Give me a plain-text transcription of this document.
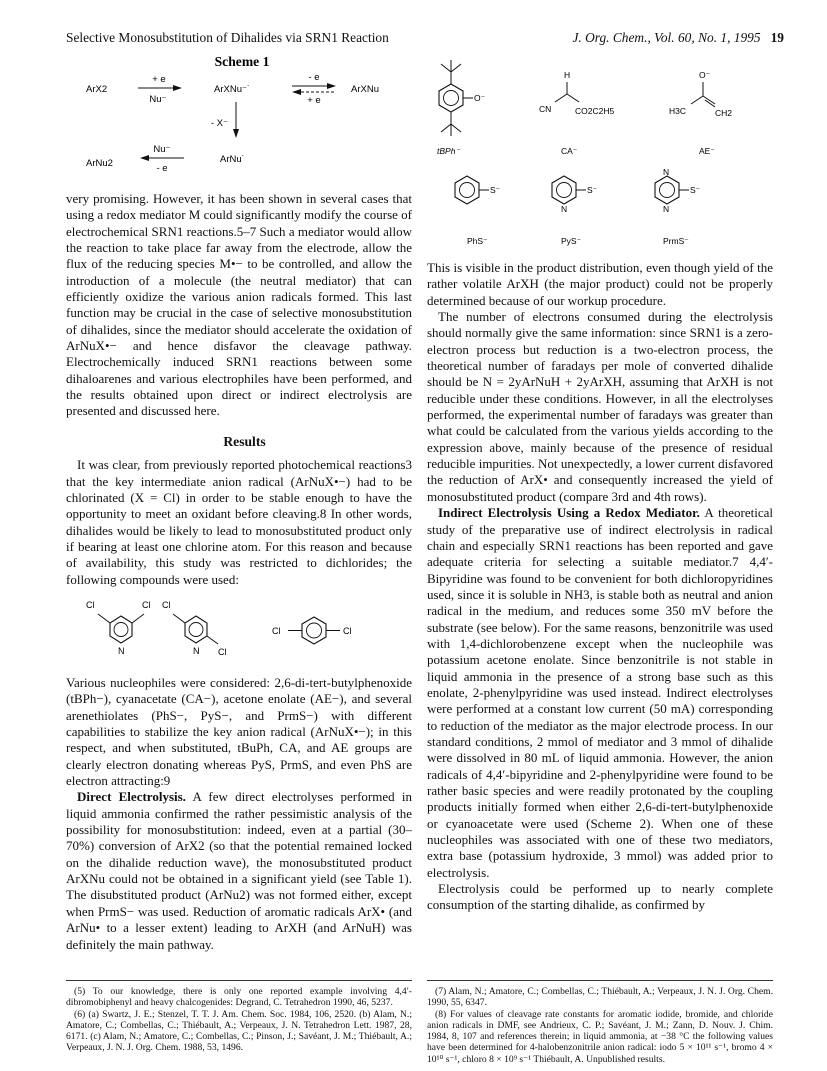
Selective Monosubstitution of Dihalides via SRN1 Reaction	J. Org. Chem., Vol. 60, No. 1, 1995 19
Scheme 1
ArX2
+ e
Nu⁻
ArXNu⁻˙
- e
+ e
ArXNu
- X⁻
ArNu2
Nu⁻
- e
ArNu˙

very promising. However, it has been shown in several cases that using a redox mediator M could significantly modify the course of electrochemical SRN1 reactions.5–7 Such a mediator would allow the reaction to take place far away from the electrode, allow the flux of the reducing species M•− to be controlled, and allow the introduction of a molecule (the neutral mediator) that can efficiently oxidize the various anion radicals formed. This last function may be crucial in the case of selective monosubstitution of dihalides, since the mediator should accelerate the oxidation of ArNuX•− and hence disfavor the cleavage pathway. Electrochemically induced SRN1 reactions between some dihaloarenes and various electrophiles have been performed, and the results obtained upon direct or indirect electrolysis are presented and discussed here.

Results

It was clear, from previously reported photochemical reactions3 that the key intermediate anion radical (ArNuX•−) had to be chlorinated (X = Cl) in order to be stable enough to have the opportunity to meet an oxidant before cleaving.8 In other words, dihalides would be likely to lead to monosubstituted product only if bearing at least one chlorine atom. For this reason and because of availability, this study was restricted to dichlorides; the following compounds were used:

Cl	Cl
N
Cl
N Cl
Cl	Cl

Various nucleophiles were considered: 2,6-di-tert-butylphenoxide (tBPh−), cyanacetate (CA−), acetone enolate (AE−), and several arenethiolates (PhS−, PyS−, and PrmS−) with different capabilities to stabilize the key anion radical (ArNuX•−); in this respect, and when substituted, tBuPh, CA, and AE groups are clearly electron donating whereas PyS, PrmS, and even PhS are electron attracting:9

Direct Electrolysis. A few direct electrolyses performed in liquid ammonia confirmed the rather pessimistic analysis of the possibility for monosubstitution: indeed, even at a partial (30–70%) conversion of ArX2 (so that the potential remained locked on the dihalide reduction wave), the monosubstituted product ArXNu could not be obtained in a significant yield (see Table 1). The disubstituted product (ArNu2) was not formed either, except when PrmS− was used. Reduction of aromatic radicals ArX• (and ArNu• to a lesser extent) leading to ArXH (and ArNuH) was definitely the main pathway.

(5) To our knowledge, there is only one reported example involving 4,4′-dibromobiphenyl and heavy chalcogenides: Degrand, C. Tetrahedron 1990, 46, 5237.

(6) (a) Swartz, J. E.; Stenzel, T. T. J. Am. Chem. Soc. 1984, 106, 2520. (b) Alam, N.; Amatore, C.; Combellas, C.; Thiébault, A.; Verpeaux, J. N. Tetrahedron Lett. 1987, 28, 6171. (c) Alam, N.; Amatore, C.; Combellas, C.; Pinson, J.; Savéant, J. M.; Thiébault, A.; Verpeaux, J. N. J. Org. Chem. 1988, 53, 1496.

O⁻
tBPh⁻
H
CN	CO2C2H5
CA⁻
O⁻
H3C	CH2
AE⁻
S⁻
PhS⁻
N
S⁻
PyS⁻
N
N
S⁻
PrmS⁻

This is visible in the product distribution, even though yield of the rather volatile ArXH (the major product) could not be properly determined because of our workup procedure.

The number of electrons consumed during the electrolysis should normally give the same information: since SRN1 is a zero-electron process but reduction is a two-electron process, the theoretical number of faradays per mole of converted dihalide should be N = 2yArNuH + 2yArXH, assuming that ArXH is not reducible under these conditions. However, in all the electrolyses performed, the experimental number of faradays was greater than what could be calculated from the various yields according to the expression above, mainly because of the presence of residual reducible impurities. Not unexpectedly, a lower current disfavored the reduction of ArX• and consequently increased the yield of monosubstituted product (compare 3rd and 4th rows).

Indirect Electrolysis Using a Redox Mediator. A theoretical study of the preparative use of indirect electrolysis in radical chain and especially SRN1 reactions has been reported and gave adequate criteria for selecting a suitable mediator.7 4,4′-Bipyridine was found to be convenient for both dichloropyridines used, since it is soluble in NH3, is stable both as neutral and anion radical in the medium, and reduces some 350 mV before the substrate (see below). For the same reasons, benzonitrile was used with 1,4-dichlorobenzene except when the nucleophile was potassium acetone enolate. Since benzonitrile is not stable in liquid ammonia in the presence of a strong base such as this enolate, 2-phenylpyridine was used instead. Indirect electrolyses were performed at a constant low current (50 mA) corresponding to reduction of the mediator as the major electrode process. In our standard conditions, 2 mmol of mediator and 3 mmol of dihalide were dissolved in 80 mL of liquid ammonia. However, the anion radicals of 4,4′-bipyridine and 2-phenylpyridine were found to be rather basic species and were readily protonated by the coupling products initially formed when either 2,6-di-tert-butylphenoxide or cyanoacetate were used (Scheme 2). When one of these nucleophiles was associated with one of these two mediators, extra base (potassium hydroxide, 3 mmol) was added prior to electrolysis.

Electrolysis could be performed up to nearly complete consumption of the starting dihalide, as confirmed by

(7) Alam, N.; Amatore, C.; Combellas, C.; Thiébault, A.; Verpeaux, J. N. J. Org. Chem. 1990, 55, 6347.

(8) For values of cleavage rate constants for aromatic iodide, bromide, and chloride anion radicals in DMF, see Andrieux, C. P.; Savéant, J. M.; Zann, D. Nouv. J. Chim. 1984, 8, 107 and references therein; in liquid ammonia, at −38 °C the following values have been determined for 4-halobenzonitrile anion radical: iodo 5 × 10¹¹ s⁻¹, bromo 4 × 10¹⁰ s⁻¹, chloro 8 × 10⁹ s⁻¹ Thiébault, A. Unpublished results.
